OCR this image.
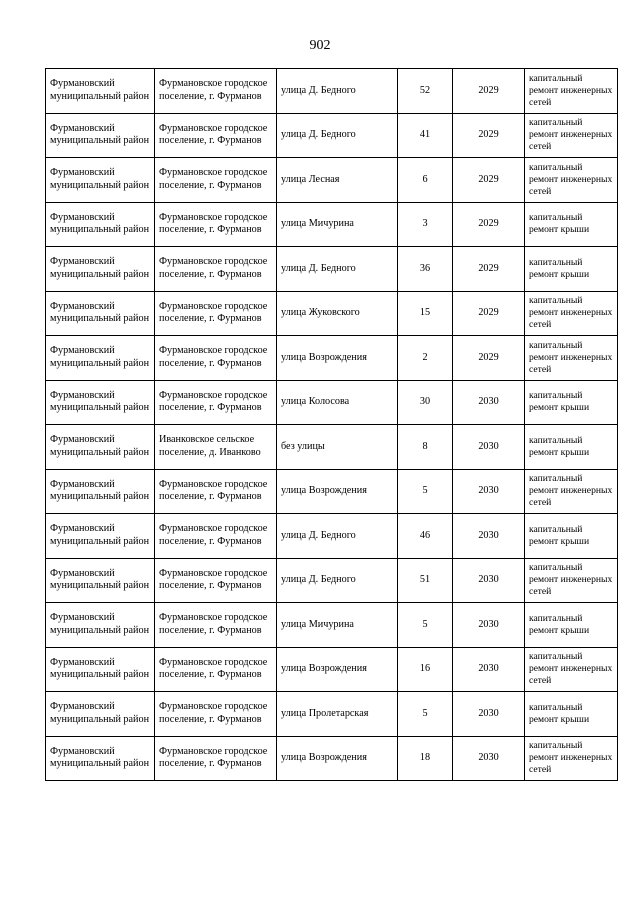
902
Фурмановский муниципальный район	Фурмановское городское поселение, г. Фурманов	улица Д. Бедного	52	2029	капитальный ремонт инженерных сетей
Фурмановский муниципальный район	Фурмановское городское поселение, г. Фурманов	улица Д. Бедного	41	2029	капитальный ремонт инженерных сетей
Фурмановский муниципальный район	Фурмановское городское поселение, г. Фурманов	улица Лесная	6	2029	капитальный ремонт инженерных сетей
Фурмановский муниципальный район	Фурмановское городское поселение, г. Фурманов	улица Мичурина	3	2029	капитальный ремонт крыши
Фурмановский муниципальный район	Фурмановское городское поселение, г. Фурманов	улица Д. Бедного	36	2029	капитальный ремонт крыши
Фурмановский муниципальный район	Фурмановское городское поселение, г. Фурманов	улица Жуковского	15	2029	капитальный ремонт инженерных сетей
Фурмановский муниципальный район	Фурмановское городское поселение, г. Фурманов	улица Возрождения	2	2029	капитальный ремонт инженерных сетей
Фурмановский муниципальный район	Фурмановское городское поселение, г. Фурманов	улица Колосова	30	2030	капитальный ремонт крыши
Фурмановский муниципальный район	Иванковское сельское поселение, д. Иванково	без улицы	8	2030	капитальный ремонт крыши
Фурмановский муниципальный район	Фурмановское городское поселение, г. Фурманов	улица Возрождения	5	2030	капитальный ремонт инженерных сетей
Фурмановский муниципальный район	Фурмановское городское поселение, г. Фурманов	улица Д. Бедного	46	2030	капитальный ремонт крыши
Фурмановский муниципальный район	Фурмановское городское поселение, г. Фурманов	улица Д. Бедного	51	2030	капитальный ремонт инженерных сетей
Фурмановский муниципальный район	Фурмановское городское поселение, г. Фурманов	улица Мичурина	5	2030	капитальный ремонт крыши
Фурмановский муниципальный район	Фурмановское городское поселение, г. Фурманов	улица Возрождения	16	2030	капитальный ремонт инженерных сетей
Фурмановский муниципальный район	Фурмановское городское поселение, г. Фурманов	улица Пролетарская	5	2030	капитальный ремонт крыши
Фурмановский муниципальный район	Фурмановское городское поселение, г. Фурманов	улица Возрождения	18	2030	капитальный ремонт инженерных сетей
